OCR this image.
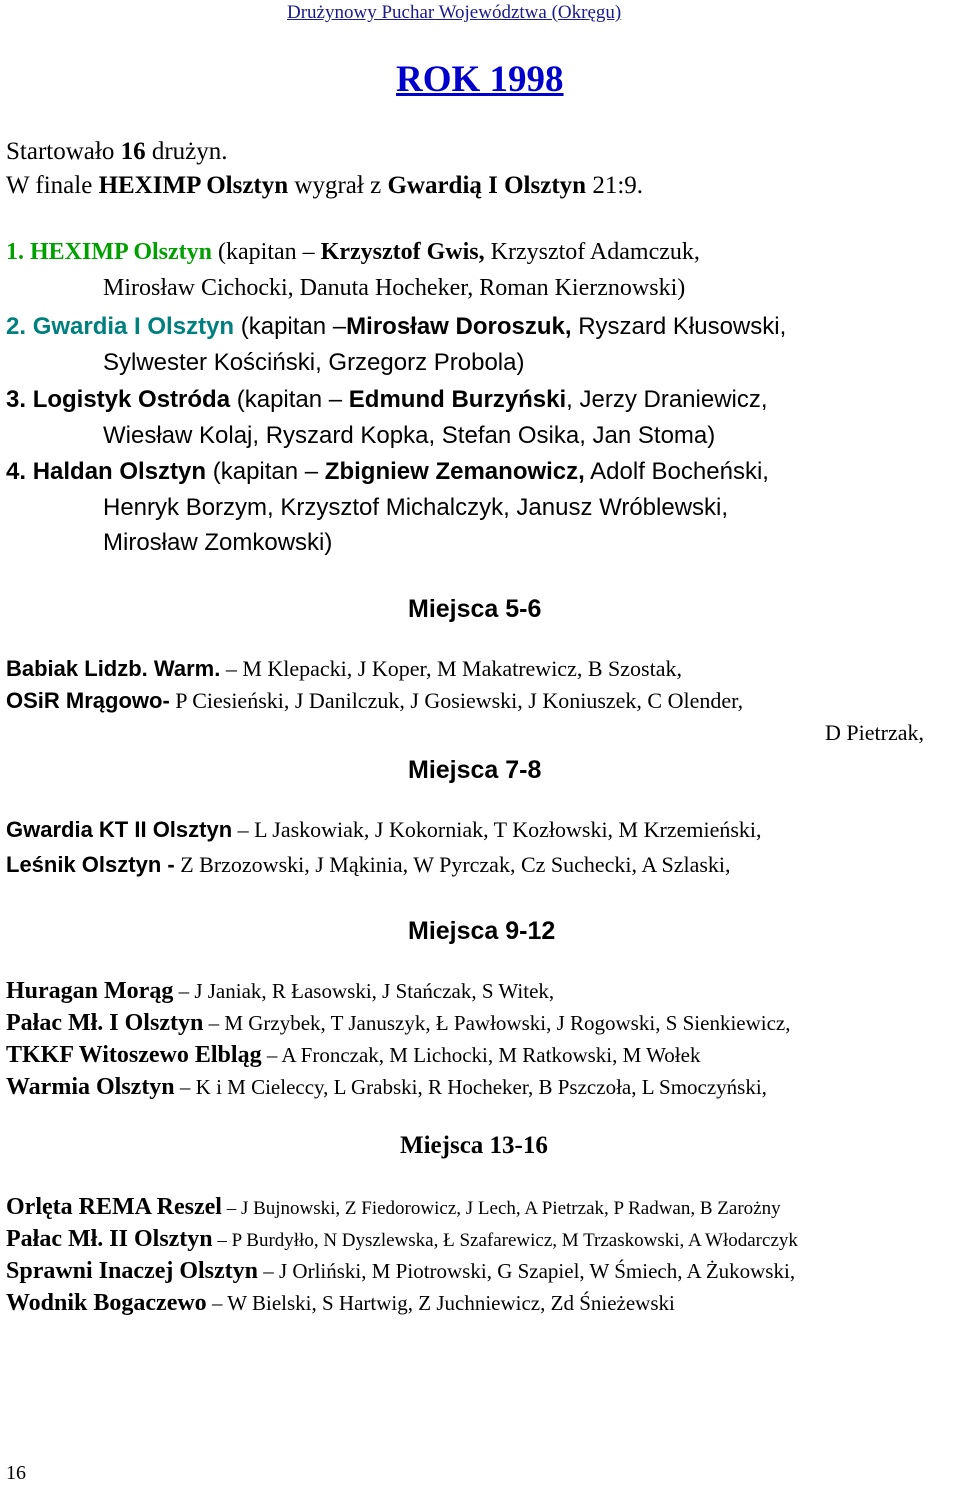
Drużynowy Puchar Województwa (Okręgu)
ROK 1998
Startowało 16 drużyn.
W finale HEXIMP Olsztyn wygrał z Gwardią I Olsztyn 21:9.
1. HEXIMP Olsztyn (kapitan – Krzysztof Gwis, Krzysztof Adamczuk,
Mirosław Cichocki, Danuta Hocheker, Roman Kierznowski)
2. Gwardia I Olsztyn (kapitan –Mirosław Doroszuk, Ryszard Kłusowski,
Sylwester Kościński, Grzegorz Probola)
3. Logistyk Ostróda (kapitan – Edmund Burzyński, Jerzy Draniewicz,
Wiesław Kolaj, Ryszard Kopka, Stefan Osika, Jan Stoma)
4. Haldan Olsztyn (kapitan – Zbigniew Zemanowicz, Adolf Bocheński,
Henryk Borzym, Krzysztof Michalczyk, Janusz Wróblewski,
Mirosław Zomkowski)
Miejsca 5-6
Babiak Lidzb. Warm. – M Klepacki, J Koper, M Makatrewicz, B Szostak,
OSiR Mrągowo- P Ciesieński, J Danilczuk, J Gosiewski, J Koniuszek, C Olender,
D Pietrzak,
Miejsca 7-8
Gwardia KT II Olsztyn – L Jaskowiak, J Kokorniak, T Kozłowski, M Krzemieński,
Leśnik Olsztyn - Z Brzozowski, J Mąkinia, W Pyrczak, Cz Suchecki, A Szlaski,
Miejsca 9-12
Huragan Morąg – J Janiak, R Łasowski, J Stańczak, S Witek,
Pałac Mł. I Olsztyn – M Grzybek, T Januszyk, Ł Pawłowski, J Rogowski, S Sienkiewicz,
TKKF Witoszewo Elbląg – A Fronczak, M Lichocki, M Ratkowski, M Wołek
Warmia Olsztyn – K i M Cieleccy, L Grabski, R Hocheker, B Pszczoła, L Smoczyński,
Miejsca 13-16
Orlęta REMA Reszel – J Bujnowski, Z Fiedorowicz, J Lech, A Pietrzak, P Radwan, B Zarożny
Pałac Mł. II Olsztyn – P Burdyłło, N Dyszlewska, Ł Szafarewicz, M Trzaskowski, A Włodarczyk
Sprawni Inaczej Olsztyn – J Orliński, M Piotrowski, G Szapiel, W Śmiech, A Żukowski,
Wodnik Bogaczewo – W Bielski, S Hartwig, Z Juchniewicz, Zd Śnieżewski
16
